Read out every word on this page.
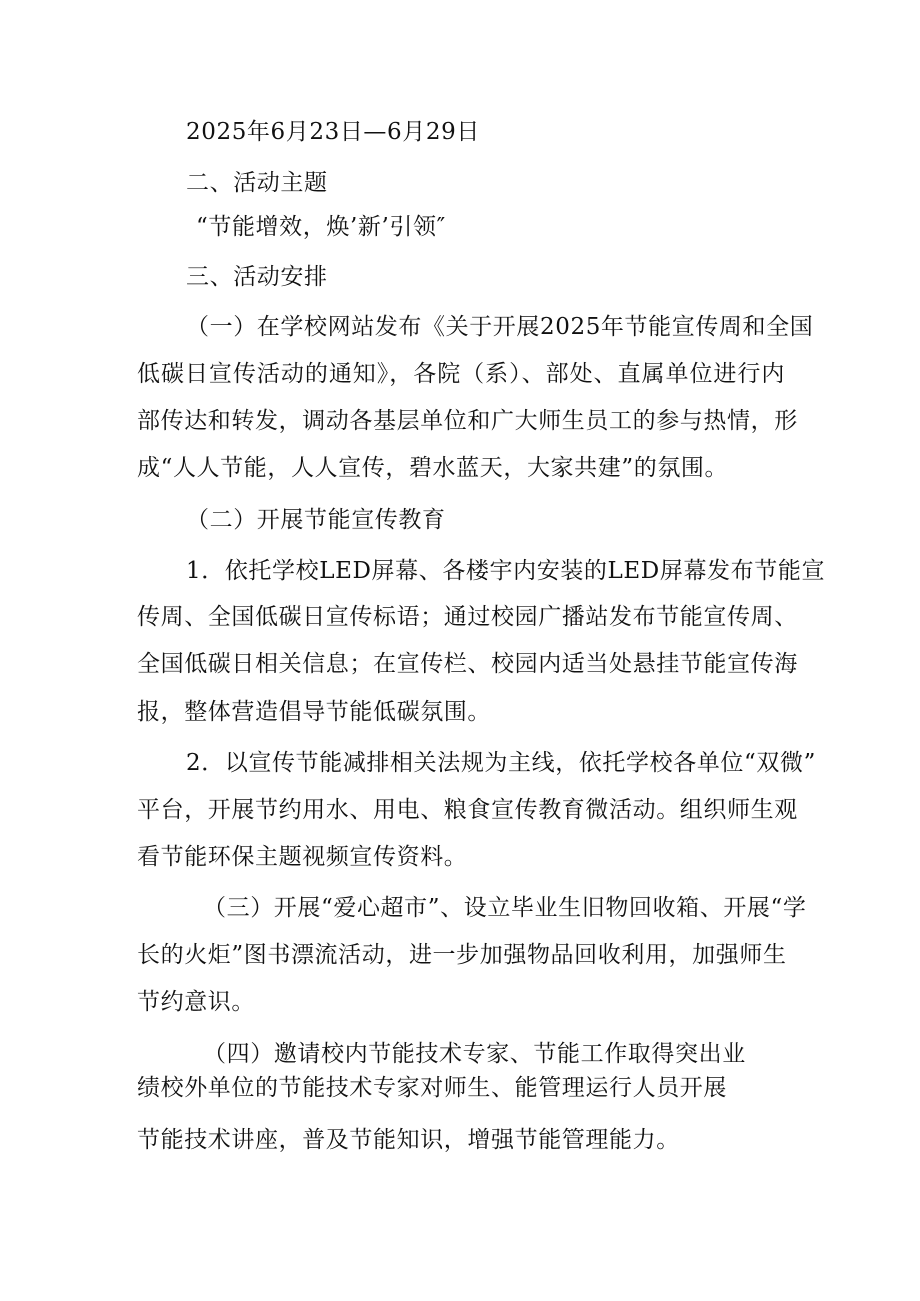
2025年6月23日—6月29日
二、活动主题
“节能增效，焕’新’引领″
三、活动安排
（一）在学校网站发布《关于开展2025年节能宣传周和全国
低碳日宣传活动的通知》，各院（系）、部处、直属单位进行内
部传达和转发，调动各基层单位和广大师生员工的参与热情，形
成“人人节能，人人宣传，碧水蓝天，大家共建”的氛围。
（二）开展节能宣传教育
1．依托学校LED屏幕、各楼宇内安装的LED屏幕发布节能宣
传周、全国低碳日宣传标语；通过校园广播站发布节能宣传周、
全国低碳日相关信息；在宣传栏、校园内适当处悬挂节能宣传海
报，整体营造倡导节能低碳氛围。
2．以宣传节能减排相关法规为主线，依托学校各单位“双微”
平台，开展节约用水、用电、粮食宣传教育微活动。组织师生观
看节能环保主题视频宣传资料。
（三）开展“爱心超市”、设立毕业生旧物回收箱、开展“学
长的火炬”图书漂流活动，进一步加强物品回收利用，加强师生
节约意识。
（四）邀请校内节能技术专家、节能工作取得突出业
绩校外单位的节能技术专家对师生、能管理运行人员开展
节能技术讲座，普及节能知识，增强节能管理能力。
